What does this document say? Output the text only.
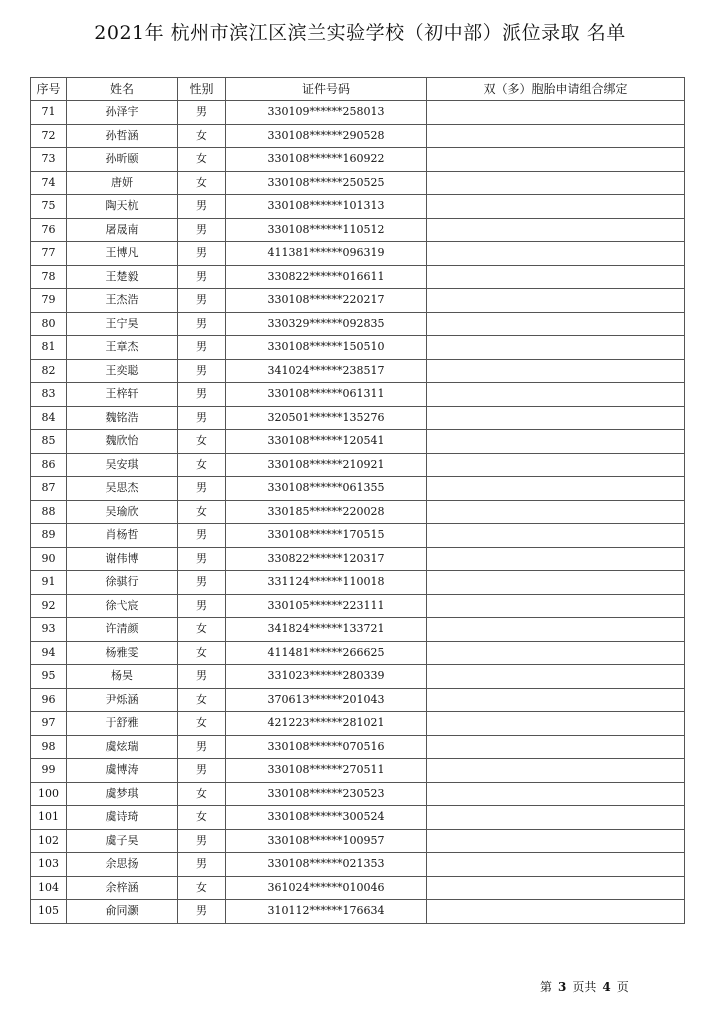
2021年 杭州市滨江区滨兰实验学校（初中部）派位录取 名单
序号	姓名	性别	证件号码	双（多）胞胎申请组合绑定
71	孙泽宇	男	330109******258013	
72	孙哲涵	女	330108******290528	
73	孙昕颐	女	330108******160922	
74	唐妍	女	330108******250525	
75	陶天杭	男	330108******101313	
76	屠晟南	男	330108******110512	
77	王博凡	男	411381******096319	
78	王楚毅	男	330822******016611	
79	王杰浩	男	330108******220217	
80	王宁昊	男	330329******092835	
81	王章杰	男	330108******150510	
82	王奕聪	男	341024******238517	
83	王梓轩	男	330108******061311	
84	魏铭浩	男	320501******135276	
85	魏欣怡	女	330108******120541	
86	吴安琪	女	330108******210921	
87	吴思杰	男	330108******061355	
88	吴瑜欣	女	330185******220028	
89	肖杨哲	男	330108******170515	
90	谢伟博	男	330822******120317	
91	徐骐行	男	331124******110018	
92	徐弋宸	男	330105******223111	
93	许清颜	女	341824******133721	
94	杨雅雯	女	411481******266625	
95	杨昊	男	331023******280339	
96	尹烁涵	女	370613******201043	
97	于舒雅	女	421223******281021	
98	虞炫瑞	男	330108******070516	
99	虞博涛	男	330108******270511	
100	虞梦琪	女	330108******230523	
101	虞诗琦	女	330108******300524	
102	虞子昊	男	330108******100957	
103	余思扬	男	330108******021353	
104	余梓涵	女	361024******010046	
105	俞同灏	男	310112******176634	
第 3 页共 4 页
